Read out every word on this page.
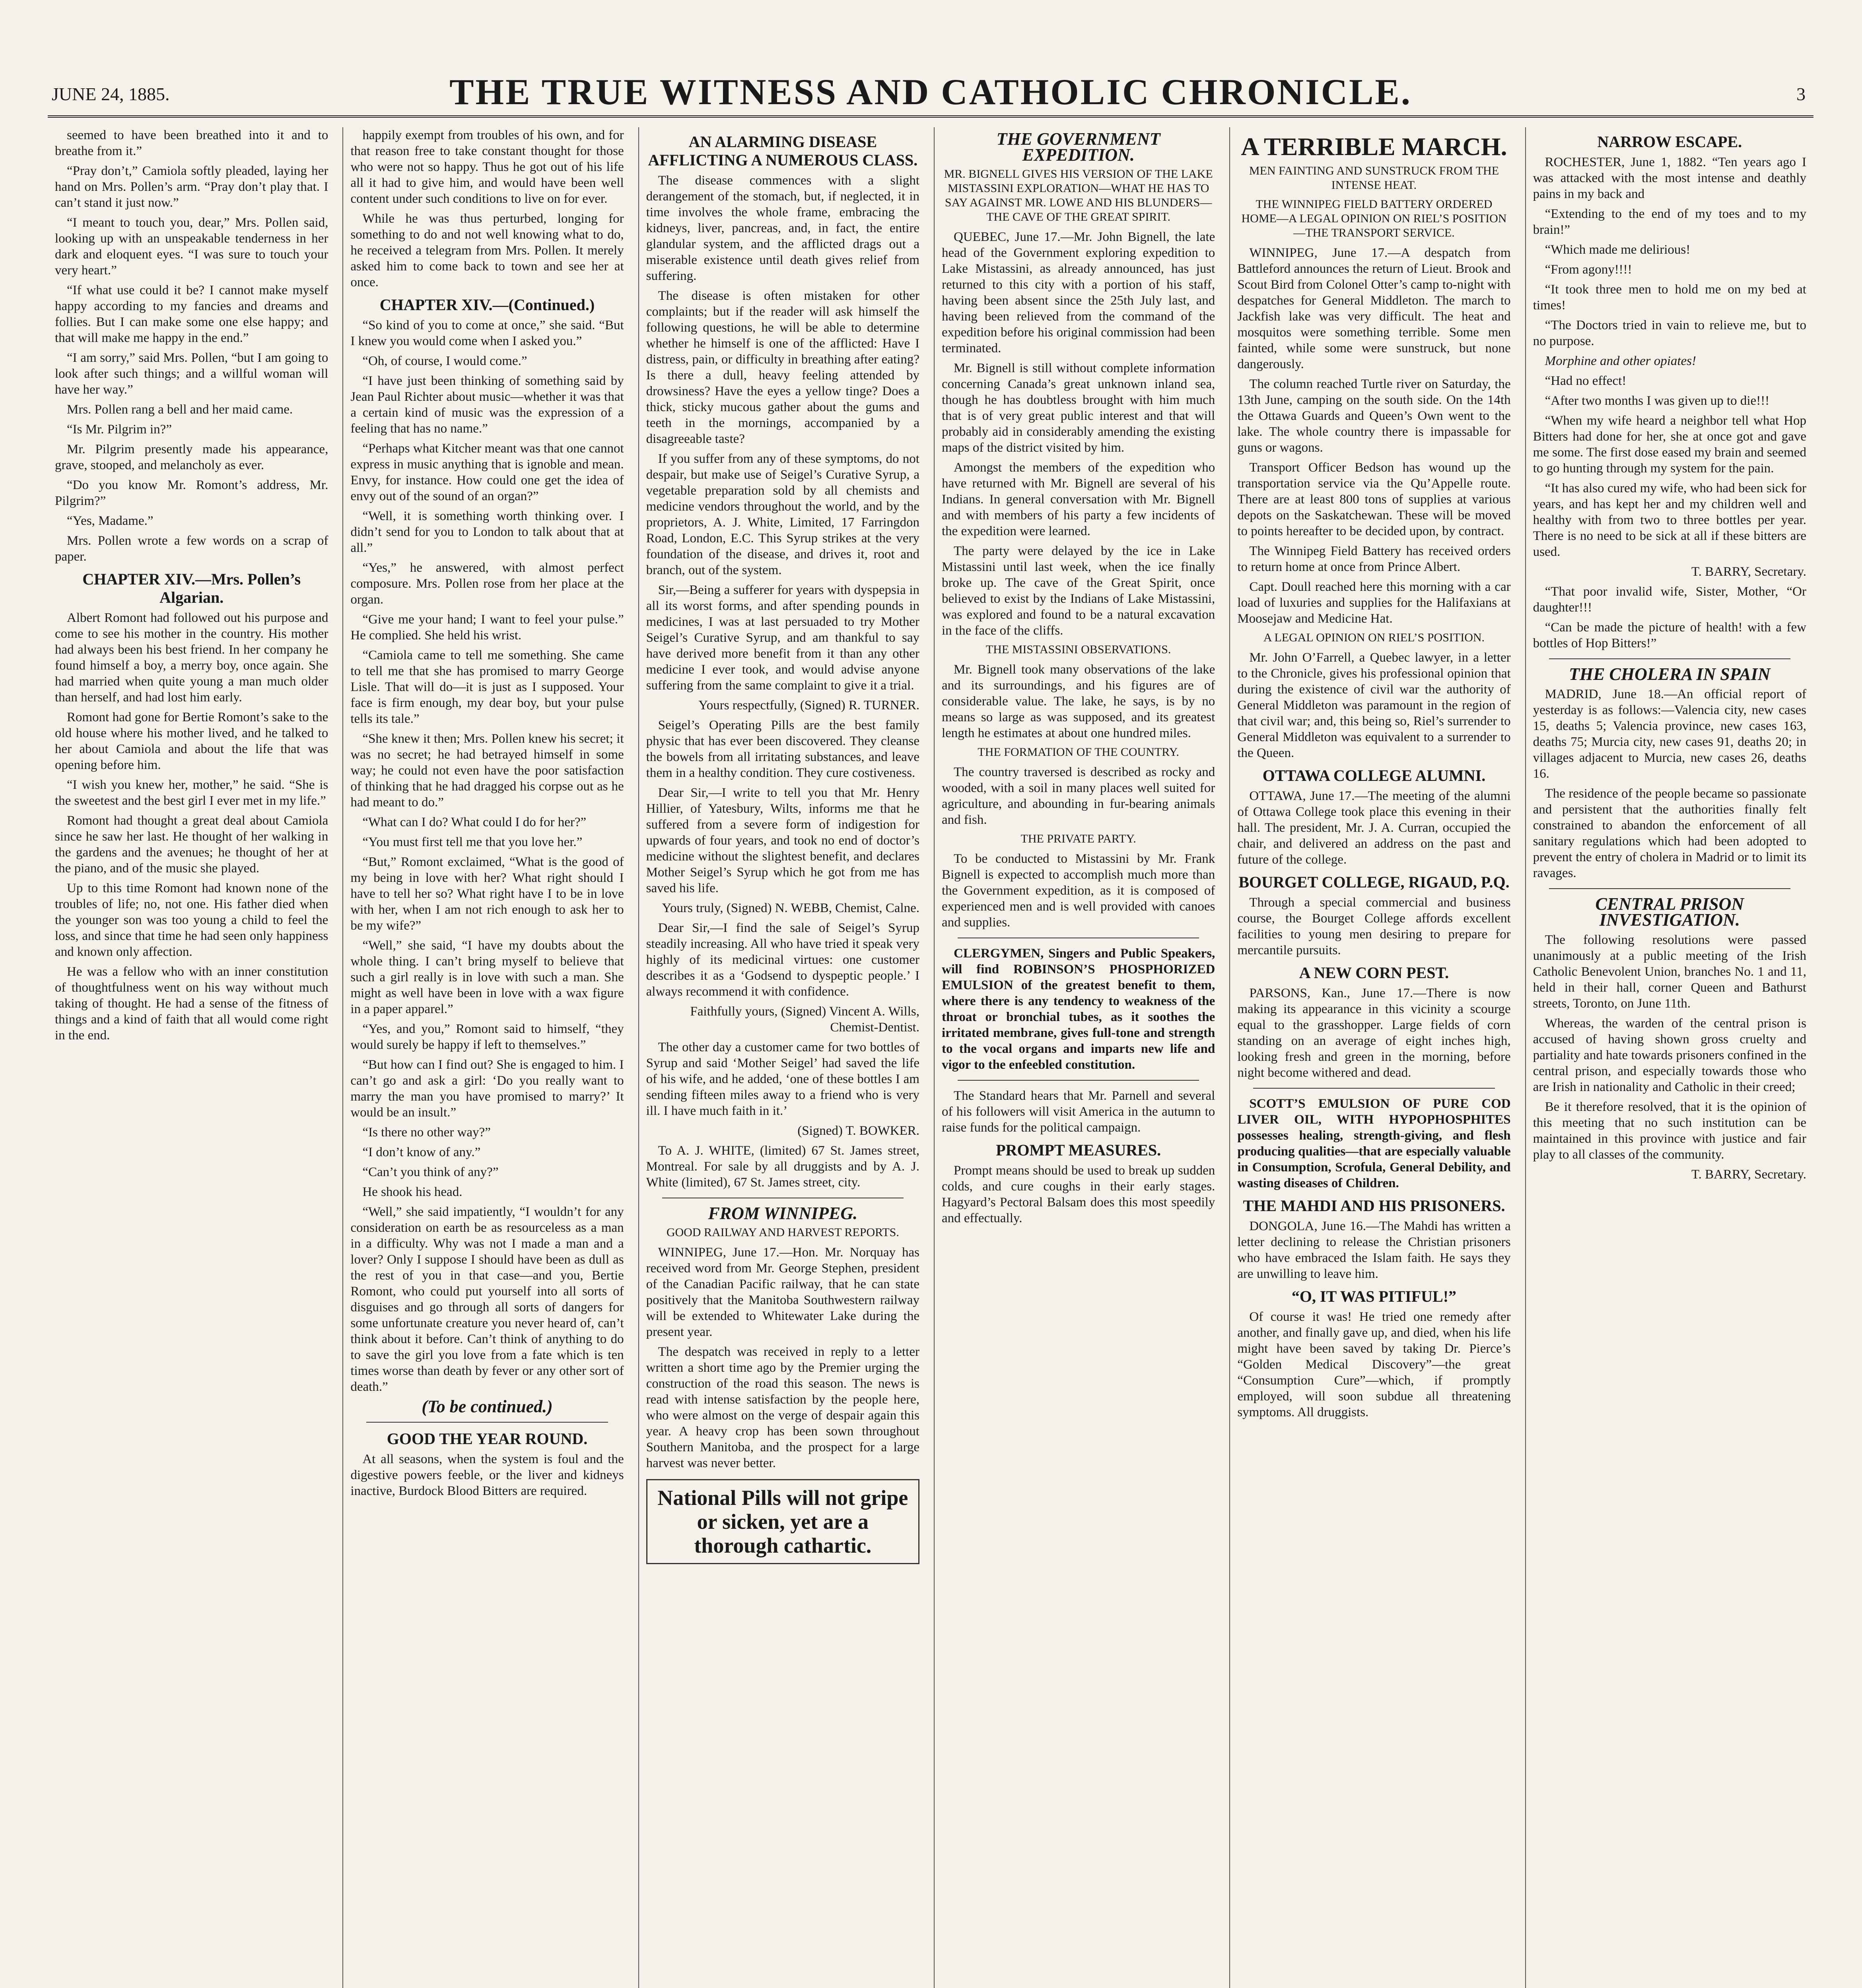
JUNE 24, 1885.	THE TRUE WITNESS AND CATHOLIC CHRONICLE.	3

seemed to have been breathed into it and to breathe from it.”

“Pray don’t,” Camiola softly pleaded, laying her hand on Mrs. Pollen’s arm. “Pray don’t play that. I can’t stand it just now.”

“I meant to touch you, dear,” Mrs. Pollen said, looking up with an unspeakable tenderness in her dark and eloquent eyes. “I was sure to touch your very heart.”

“If what use could it be? I cannot make myself happy according to my fancies and dreams and follies. But I can make some one else happy; and that will make me happy in the end.”

“I am sorry,” said Mrs. Pollen, “but I am going to look after such things; and a willful woman will have her way.”

Mrs. Pollen rang a bell and her maid came.

“Is Mr. Pilgrim in?”

Mr. Pilgrim presently made his appearance, grave, stooped, and melancholy as ever.

“Do you know Mr. Romont’s address, Mr. Pilgrim?”

“Yes, Madame.”

Mrs. Pollen wrote a few words on a scrap of paper.

CHAPTER XIV.—Mrs. Pollen’s Algarian.

Albert Romont had followed out his purpose and come to see his mother in the country. His mother had always been his best friend. In her company he found himself a boy, a merry boy, once again. She had married when quite young a man much older than herself, and had lost him early.

Romont had gone for Bertie Romont’s sake to the old house where his mother lived, and he talked to her about Camiola and about the life that was opening before him.

“I wish you knew her, mother,” he said. “She is the sweetest and the best girl I ever met in my life.”

Romont had thought a great deal about Camiola since he saw her last. He thought of her walking in the gardens and the avenues; he thought of her at the piano, and of the music she played.

Up to this time Romont had known none of the troubles of life; no, not one. His father died when the younger son was too young a child to feel the loss, and since that time he had seen only happiness and known only affection.

He was a fellow who with an inner constitution of thoughtfulness went on his way without much taking of thought. He had a sense of the fitness of things and a kind of faith that all would come right in the end.

happily exempt from troubles of his own, and for that reason free to take constant thought for those who were not so happy. Thus he got out of his life all it had to give him, and would have been well content under such conditions to live on for ever.

While he was thus perturbed, longing for something to do and not well knowing what to do, he received a telegram from Mrs. Pollen. It merely asked him to come back to town and see her at once.

CHAPTER XIV.—(Continued.)

“So kind of you to come at once,” she said. “But I knew you would come when I asked you.”

“Oh, of course, I would come.”

“I have just been thinking of something said by Jean Paul Richter about music—whether it was that a certain kind of music was the expression of a feeling that has no name.”

“Perhaps what Kitcher meant was that one cannot express in music anything that is ignoble and mean. Envy, for instance. How could one get the idea of envy out of the sound of an organ?”

“Well, it is something worth thinking over. I didn’t send for you to London to talk about that at all.”

“Yes,” he answered, with almost perfect composure. Mrs. Pollen rose from her place at the organ.

“Give me your hand; I want to feel your pulse.” He complied. She held his wrist.

“Camiola came to tell me something. She came to tell me that she has promised to marry George Lisle. That will do—it is just as I supposed. Your face is firm enough, my dear boy, but your pulse tells its tale.”

“She knew it then; Mrs. Pollen knew his secret; it was no secret; he had betrayed himself in some way; he could not even have the poor satisfaction of thinking that he had dragged his corpse out as he had meant to do.”

“What can I do? What could I do for her?”

“You must first tell me that you love her.”

“But,” Romont exclaimed, “What is the good of my being in love with her? What right should I have to tell her so? What right have I to be in love with her, when I am not rich enough to ask her to be my wife?”

“Well,” she said, “I have my doubts about the whole thing. I can’t bring myself to believe that such a girl really is in love with such a man. She might as well have been in love with a wax figure in a paper apparel.”

“Yes, and you,” Romont said to himself, “they would surely be happy if left to themselves.”

“But how can I find out? She is engaged to him. I can’t go and ask a girl: ‘Do you really want to marry the man you have promised to marry?’ It would be an insult.”

“Is there no other way?”

“I don’t know of any.”

“Can’t you think of any?”

He shook his head.

“Well,” she said impatiently, “I wouldn’t for any consideration on earth be as resourceless as a man in a difficulty. Why was not I made a man and a lover? Only I suppose I should have been as dull as the rest of you in that case—and you, Bertie Romont, who could put yourself into all sorts of disguises and go through all sorts of dangers for some unfortunate creature you never heard of, can’t think about it before. Can’t think of anything to do to save the girl you love from a fate which is ten times worse than death by fever or any other sort of death.”

(To be continued.)
GOOD THE YEAR ROUND.

At all seasons, when the system is foul and the digestive powers feeble, or the liver and kidneys inactive, Burdock Blood Bitters are required.

AN ALARMING DISEASE AFFLICTING A NUMEROUS CLASS.

The disease commences with a slight derangement of the stomach, but, if neglected, it in time involves the whole frame, embracing the kidneys, liver, pancreas, and, in fact, the entire glandular system, and the afflicted drags out a miserable existence until death gives relief from suffering.

The disease is often mistaken for other complaints; but if the reader will ask himself the following questions, he will be able to determine whether he himself is one of the afflicted: Have I distress, pain, or difficulty in breathing after eating? Is there a dull, heavy feeling attended by drowsiness? Have the eyes a yellow tinge? Does a thick, sticky mucous gather about the gums and teeth in the mornings, accompanied by a disagreeable taste?

If you suffer from any of these symptoms, do not despair, but make use of Seigel’s Curative Syrup, a vegetable preparation sold by all chemists and medicine vendors throughout the world, and by the proprietors, A. J. White, Limited, 17 Farringdon Road, London, E.C. This Syrup strikes at the very foundation of the disease, and drives it, root and branch, out of the system.

Sir,—Being a sufferer for years with dyspepsia in all its worst forms, and after spending pounds in medicines, I was at last persuaded to try Mother Seigel’s Curative Syrup, and am thankful to say have derived more benefit from it than any other medicine I ever took, and would advise anyone suffering from the same complaint to give it a trial.

Yours respectfully, (Signed) R. TURNER.

Seigel’s Operating Pills are the best family physic that has ever been discovered. They cleanse the bowels from all irritating substances, and leave them in a healthy condition. They cure costiveness.

Dear Sir,—I write to tell you that Mr. Henry Hillier, of Yatesbury, Wilts, informs me that he suffered from a severe form of indigestion for upwards of four years, and took no end of doctor’s medicine without the slightest benefit, and declares Mother Seigel’s Syrup which he got from me has saved his life.

Yours truly, (Signed) N. WEBB, Chemist, Calne.

Dear Sir,—I find the sale of Seigel’s Syrup steadily increasing. All who have tried it speak very highly of its medicinal virtues: one customer describes it as a ‘Godsend to dyspeptic people.’ I always recommend it with confidence.

Faithfully yours, (Signed) Vincent A. Wills, Chemist-Dentist.

The other day a customer came for two bottles of Syrup and said ‘Mother Seigel’ had saved the life of his wife, and he added, ‘one of these bottles I am sending fifteen miles away to a friend who is very ill. I have much faith in it.’

(Signed) T. BOWKER.

To A. J. WHITE, (limited) 67 St. James street, Montreal. For sale by all druggists and by A. J. White (limited), 67 St. James street, city.

FROM WINNIPEG.
GOOD RAILWAY AND HARVEST REPORTS.

WINNIPEG, June 17.—Hon. Mr. Norquay has received word from Mr. George Stephen, president of the Canadian Pacific railway, that he can state positively that the Manitoba Southwestern railway will be extended to Whitewater Lake during the present year.

The despatch was received in reply to a letter written a short time ago by the Premier urging the construction of the road this season. The news is read with intense satisfaction by the people here, who were almost on the verge of despair again this year. A heavy crop has been sown throughout Southern Manitoba, and the prospect for a large harvest was never better.

National Pills will not gripe or sicken, yet are a thorough cathartic.
THE GOVERNMENT EXPEDITION.
MR. BIGNELL GIVES HIS VERSION OF THE LAKE MISTASSINI EXPLORATION—WHAT HE HAS TO SAY AGAINST MR. LOWE AND HIS BLUNDERS—THE CAVE OF THE GREAT SPIRIT.

QUEBEC, June 17.—Mr. John Bignell, the late head of the Government exploring expedition to Lake Mistassini, as already announced, has just returned to this city with a portion of his staff, having been absent since the 25th July last, and having been relieved from the command of the expedition before his original commission had been terminated.

Mr. Bignell is still without complete information concerning Canada’s great unknown inland sea, though he has doubtless brought with him much that is of very great public interest and that will probably aid in considerably amending the existing maps of the district visited by him.

Amongst the members of the expedition who have returned with Mr. Bignell are several of his Indians. In general conversation with Mr. Bignell and with members of his party a few incidents of the expedition were learned.

The party were delayed by the ice in Lake Mistassini until last week, when the ice finally broke up. The cave of the Great Spirit, once believed to exist by the Indians of Lake Mistassini, was explored and found to be a natural excavation in the face of the cliffs.

THE MISTASSINI OBSERVATIONS.

Mr. Bignell took many observations of the lake and its surroundings, and his figures are of considerable value. The lake, he says, is by no means so large as was supposed, and its greatest length he estimates at about one hundred miles.

THE FORMATION OF THE COUNTRY.

The country traversed is described as rocky and wooded, with a soil in many places well suited for agriculture, and abounding in fur-bearing animals and fish.

THE PRIVATE PARTY.

To be conducted to Mistassini by Mr. Frank Bignell is expected to accomplish much more than the Government expedition, as it is composed of experienced men and is well provided with canoes and supplies.

CLERGYMEN, Singers and Public Speakers, will find ROBINSON’S PHOSPHORIZED EMULSION of the greatest benefit to them, where there is any tendency to weakness of the throat or bronchial tubes, as it soothes the irritated membrane, gives full-tone and strength to the vocal organs and imparts new life and vigor to the enfeebled constitution.

The Standard hears that Mr. Parnell and several of his followers will visit America in the autumn to raise funds for the political campaign.

PROMPT MEASURES.

Prompt means should be used to break up sudden colds, and cure coughs in their early stages. Hagyard’s Pectoral Balsam does this most speedily and effectually.

A TERRIBLE MARCH.
MEN FAINTING AND SUNSTRUCK FROM THE INTENSE HEAT.
THE WINNIPEG FIELD BATTERY ORDERED HOME—A LEGAL OPINION ON RIEL’S POSITION—THE TRANSPORT SERVICE.

WINNIPEG, June 17.—A despatch from Battleford announces the return of Lieut. Brook and Scout Bird from Colonel Otter’s camp to-night with despatches for General Middleton. The march to Jackfish lake was very difficult. The heat and mosquitos were something terrible. Some men fainted, while some were sunstruck, but none dangerously.

The column reached Turtle river on Saturday, the 13th June, camping on the south side. On the 14th the Ottawa Guards and Queen’s Own went to the lake. The whole country there is impassable for guns or wagons.

Transport Officer Bedson has wound up the transportation service via the Qu’Appelle route. There are at least 800 tons of supplies at various depots on the Saskatchewan. These will be moved to points hereafter to be decided upon, by contract.

The Winnipeg Field Battery has received orders to return home at once from Prince Albert.

Capt. Doull reached here this morning with a car load of luxuries and supplies for the Halifaxians at Moosejaw and Medicine Hat.

A LEGAL OPINION ON RIEL’S POSITION.

Mr. John O’Farrell, a Quebec lawyer, in a letter to the Chronicle, gives his professional opinion that during the existence of civil war the authority of General Middleton was paramount in the region of that civil war; and, this being so, Riel’s surrender to General Middleton was equivalent to a surrender to the Queen.

OTTAWA COLLEGE ALUMNI.

OTTAWA, June 17.—The meeting of the alumni of Ottawa College took place this evening in their hall. The president, Mr. J. A. Curran, occupied the chair, and delivered an address on the past and future of the college.

BOURGET COLLEGE, RIGAUD, P.Q.

Through a special commercial and business course, the Bourget College affords excellent facilities to young men desiring to prepare for mercantile pursuits.

A NEW CORN PEST.

PARSONS, Kan., June 17.—There is now making its appearance in this vicinity a scourge equal to the grasshopper. Large fields of corn standing on an average of eight inches high, looking fresh and green in the morning, before night become withered and dead.

SCOTT’S EMULSION OF PURE COD LIVER OIL, WITH HYPOPHOSPHITES possesses healing, strength-giving, and flesh producing qualities—that are especially valuable in Consumption, Scrofula, General Debility, and wasting diseases of Children.

THE MAHDI AND HIS PRISONERS.

DONGOLA, June 16.—The Mahdi has written a letter declining to release the Christian prisoners who have embraced the Islam faith. He says they are unwilling to leave him.

“O, IT WAS PITIFUL!”

Of course it was! He tried one remedy after another, and finally gave up, and died, when his life might have been saved by taking Dr. Pierce’s “Golden Medical Discovery”—the great “Consumption Cure”—which, if promptly employed, will soon subdue all threatening symptoms. All druggists.

NARROW ESCAPE.

ROCHESTER, June 1, 1882. “Ten years ago I was attacked with the most intense and deathly pains in my back and

“Extending to the end of my toes and to my brain!”

“Which made me delirious!

“From agony!!!!

“It took three men to hold me on my bed at times!

“The Doctors tried in vain to relieve me, but to no purpose.

Morphine and other opiates!

“Had no effect!

“After two months I was given up to die!!!

“When my wife heard a neighbor tell what Hop Bitters had done for her, she at once got and gave me some. The first dose eased my brain and seemed to go hunting through my system for the pain.

“It has also cured my wife, who had been sick for years, and has kept her and my children well and healthy with from two to three bottles per year. There is no need to be sick at all if these bitters are used.

T. BARRY, Secretary.

“That poor invalid wife, Sister, Mother, “Or daughter!!!

“Can be made the picture of health! with a few bottles of Hop Bitters!”

THE CHOLERA IN SPAIN

MADRID, June 18.—An official report of yesterday is as follows:—Valencia city, new cases 15, deaths 5; Valencia province, new cases 163, deaths 75; Murcia city, new cases 91, deaths 20; in villages adjacent to Murcia, new cases 26, deaths 16.

The residence of the people became so passionate and persistent that the authorities finally felt constrained to abandon the enforcement of all sanitary regulations which had been adopted to prevent the entry of cholera in Madrid or to limit its ravages.

CENTRAL PRISON INVESTIGATION.

The following resolutions were passed unanimously at a public meeting of the Irish Catholic Benevolent Union, branches No. 1 and 11, held in their hall, corner Queen and Bathurst streets, Toronto, on June 11th.

Whereas, the warden of the central prison is accused of having shown gross cruelty and partiality and hate towards prisoners confined in the central prison, and especially towards those who are Irish in nationality and Catholic in their creed;

Be it therefore resolved, that it is the opinion of this meeting that no such institution can be maintained in this province with justice and fair play to all classes of the community.

T. BARRY, Secretary.
